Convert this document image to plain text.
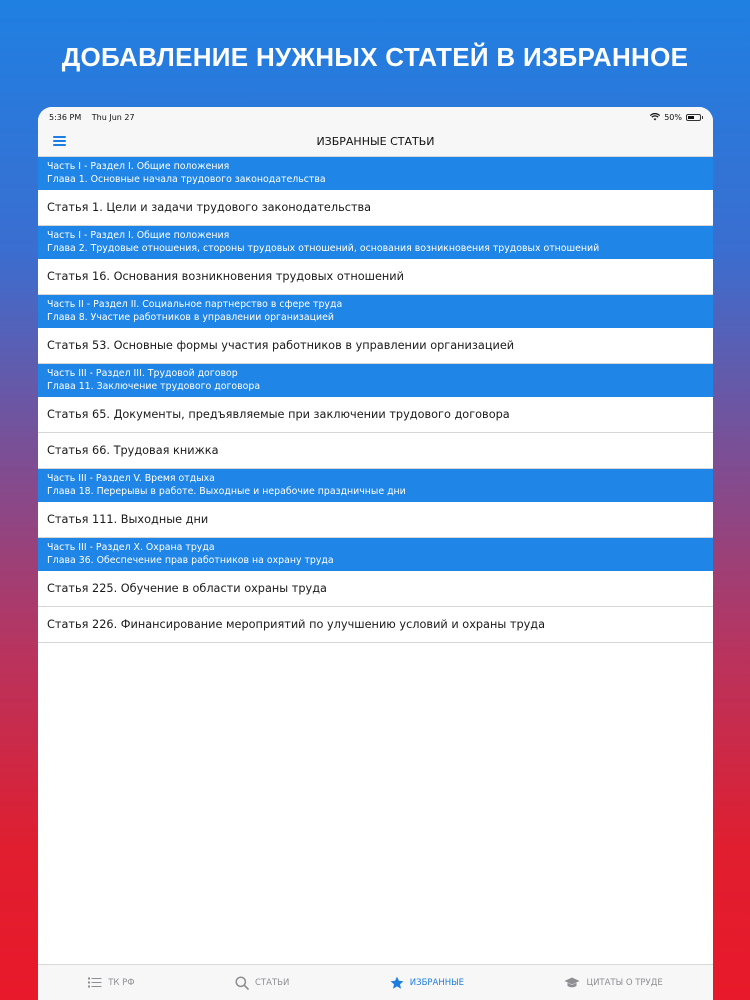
ДОБАВЛЕНИЕ НУЖНЫХ СТАТЕЙ В ИЗБРАННОЕ
5:36 PM Thu Jun 27	50%
ИЗБРАННЫЕ СТАТЬИ
Часть I - Раздел I. Общие положения
Глава 1. Основные начала трудового законодательства
Статья 1. Цели и задачи трудового законодательства
Часть I - Раздел I. Общие положения
Глава 2. Трудовые отношения, стороны трудовых отношений, основания возникновения трудовых отношений
Статья 16. Основания возникновения трудовых отношений
Часть II - Раздел II. Социальное партнерство в сфере труда
Глава 8. Участие работников в управлении организацией
Статья 53. Основные формы участия работников в управлении организацией
Часть III - Раздел III. Трудовой договор
Глава 11. Заключение трудового договора
Статья 65. Документы, предъявляемые при заключении трудового договора
Статья 66. Трудовая книжка
Часть III - Раздел V. Время отдыха
Глава 18. Перерывы в работе. Выходные и нерабочие праздничные дни
Статья 111. Выходные дни
Часть III - Раздел X. Охрана труда
Глава 36. Обеспечение прав работников на охрану труда
Статья 225. Обучение в области охраны труда
Статья 226. Финансирование мероприятий по улучшению условий и охраны труда
ТК РФ	СТАТЬИ	ИЗБРАННЫЕ	ЦИТАТЫ О ТРУДЕ
